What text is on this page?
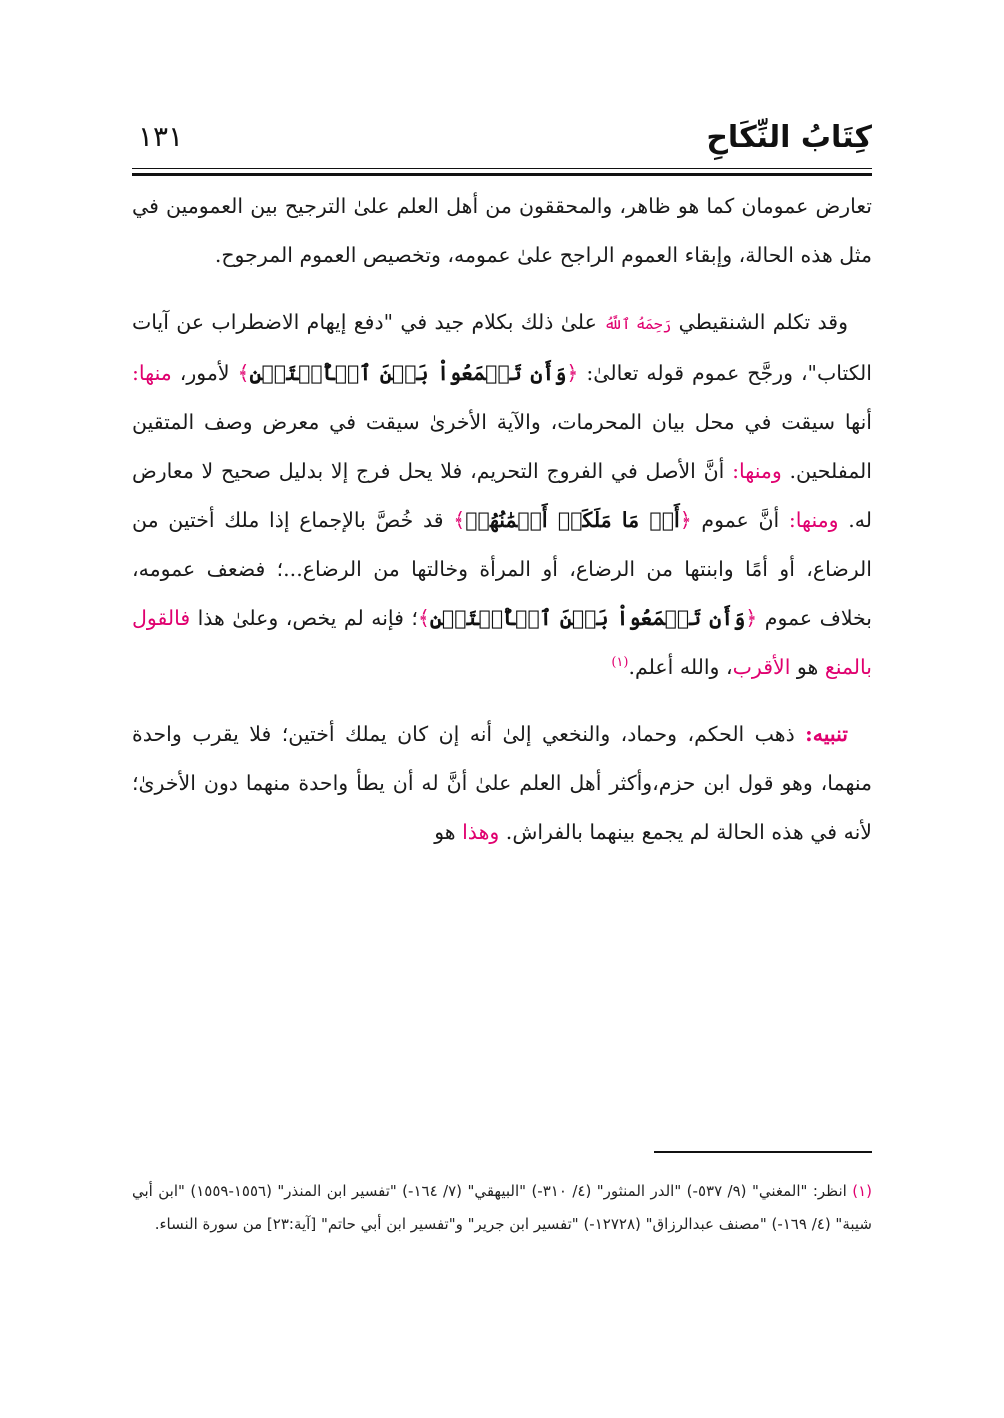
كِتَابُ النِّكَاحِ
١٣١

تعارض عمومان كما هو ظاهر، والمحققون من أهل العلم علىٰ الترجيح بين العمومين في مثل هذه الحالة، وإبقاء العموم الراجح علىٰ عمومه، وتخصيص العموم المرجوح.

وقد تكلم الشنقيطي رَحِمَهُ ٱللَّهُ علىٰ ذلك بكلام جيد في "دفع إيهام الاضطراب عن آيات الكتاب"، ورجَّح عموم قوله تعالىٰ: ﴿وَأَن تَجۡمَعُواْ بَيۡنَ ٱلۡأُخۡتَيۡنِ﴾ لأمور، منها: أنها سيقت في محل بيان المحرمات، والآية الأخرىٰ سيقت في معرض وصف المتقين المفلحين. ومنها: أنَّ الأصل في الفروج التحريم، فلا يحل فرج إلا بدليل صحيح لا معارض له. ومنها: أنَّ عموم ﴿أَوۡ مَا مَلَكَتۡ أَيۡمَٰنُهُمۡ﴾ قد خُصَّ بالإجماع إذا ملك أختين من الرضاع، أو أمًا وابنتها من الرضاع، أو المرأة وخالتها من الرضاع...؛ فضعف عمومه، بخلاف عموم ﴿وَأَن تَجۡمَعُواْ بَيۡنَ ٱلۡأُخۡتَيۡنِ﴾؛ فإنه لم يخص، وعلىٰ هذا فالقول بالمنع هو الأقرب، والله أعلم.$^{(١)}$

تنبيه: ذهب الحكم، وحماد، والنخعي إلىٰ أنه إن كان يملك أختين؛ فلا يقرب واحدة منهما، وهو قول ابن حزم،وأكثر أهل العلم علىٰ أنَّ له أن يطأ واحدة منهما دون الأخرىٰ؛ لأنه في هذه الحالة لم يجمع بينهما بالفراش. وهذا هو

(١) انظر: "المغني" (٩/ ٥٣٧-) "الدر المنثور" (٤/ ٣١٠-) "البيهقي" (٧/ ١٦٤-) "تفسير ابن المنذر" (١٥٥٦-١٥٥٩) "ابن أبي شيبة" (٤/ ١٦٩-) "مصنف عبدالرزاق" (١٢٧٢٨-) "تفسير ابن جرير" و"تفسير ابن أبي حاتم" [آية:٢٣] من سورة النساء.
